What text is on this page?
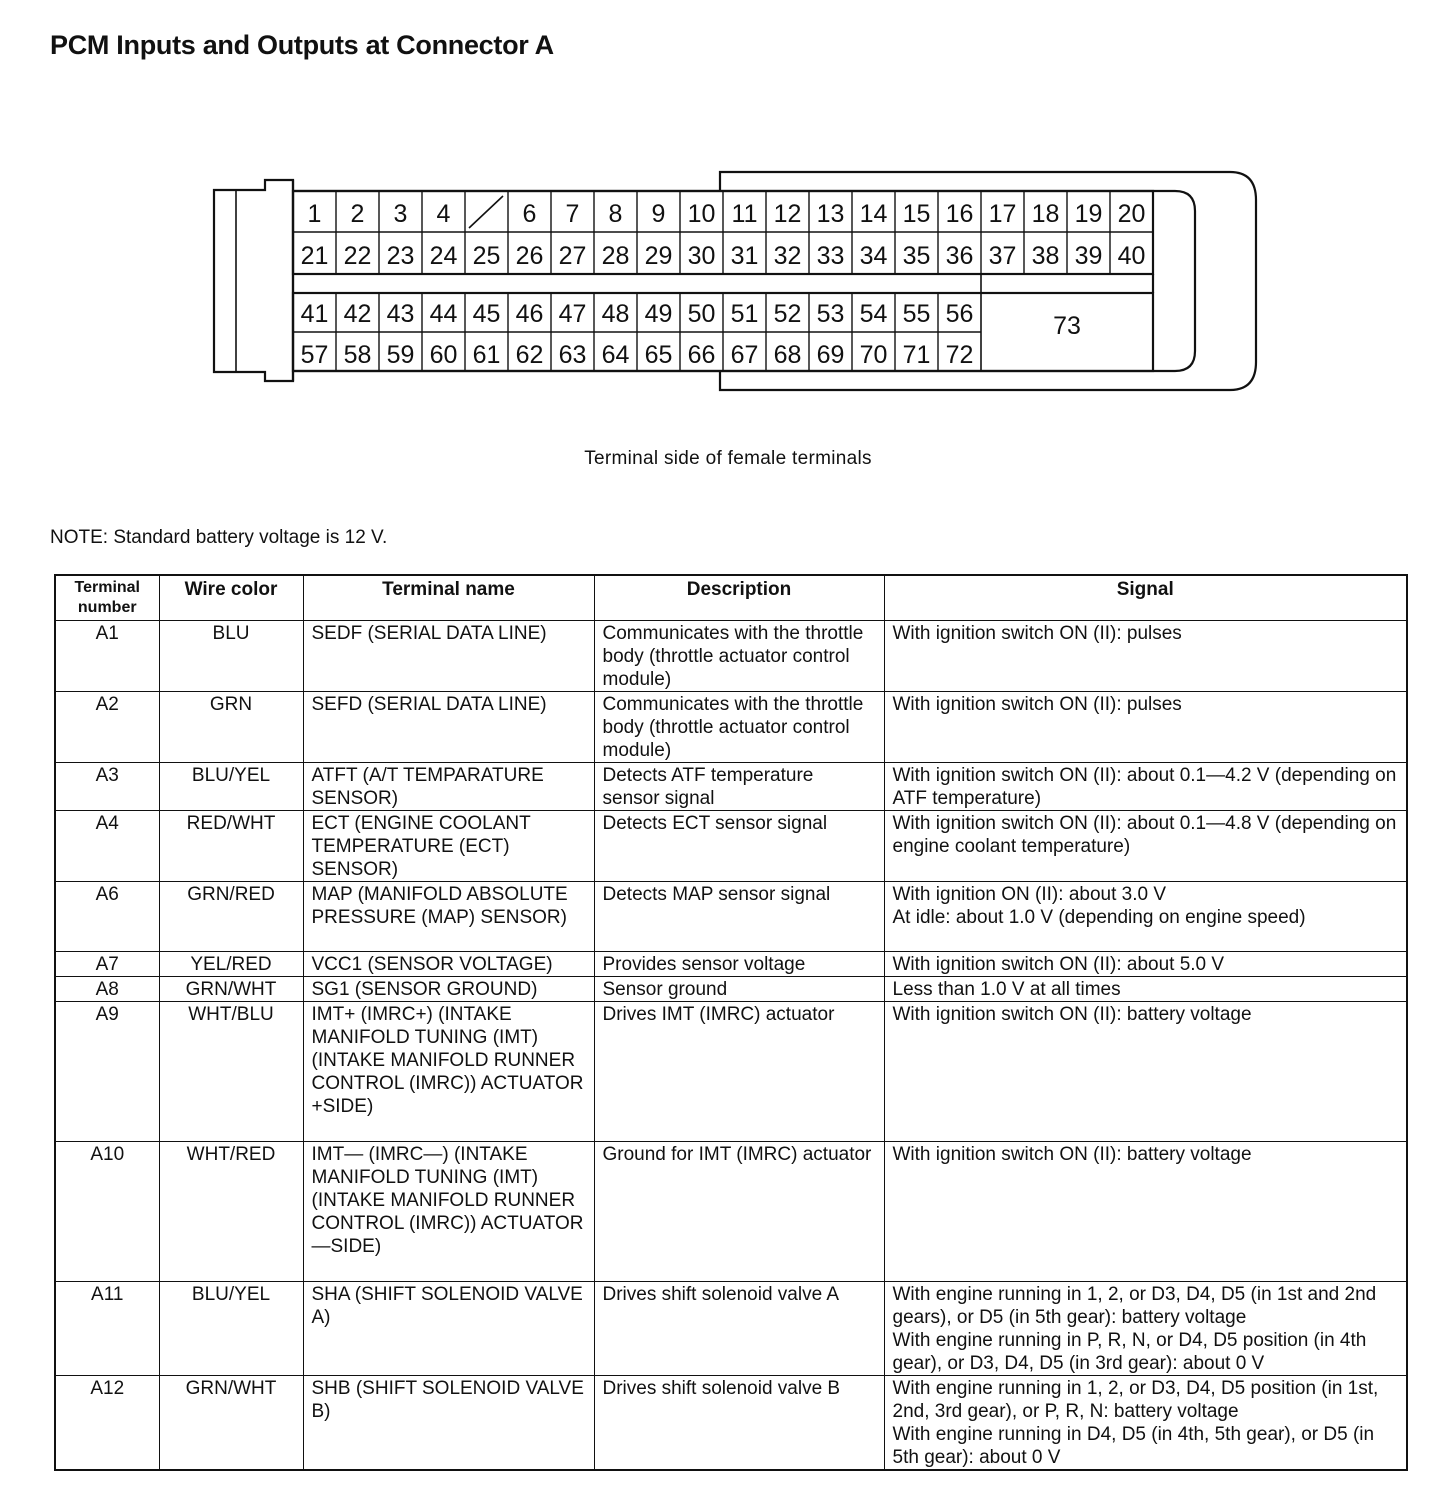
PCM Inputs and Outputs at Connector A
1 2 3 4	6 7 8 9 10 11 12 13 14 15 16 17 18 19 20
21 22 23 24 25 26 27 28 29 30 31 32 33 34 35 36 37 38 39 40
41 42 43 44 45 46 47 48 49 50 51 52 53 54 55 56
57 58 59 60 61 62 63 64 65 66 67 68 69 70 71 72
73
Terminal side of female terminals
NOTE: Standard battery voltage is 12 V.
Terminal number	Wire color	Terminal name	Description	Signal
A1	BLU	SEDF (SERIAL DATA LINE)	Communicates with the throttle body (throttle actuator control module)	With ignition switch ON (II): pulses
A2	GRN	SEFD (SERIAL DATA LINE)	Communicates with the throttle body (throttle actuator control module)	With ignition switch ON (II): pulses
A3	BLU/YEL	ATFT (A/T TEMPARATURE SENSOR)	Detects ATF temperature sensor signal	With ignition switch ON (II): about 0.1—4.2 V (depending on ATF temperature)
A4	RED/WHT	ECT (ENGINE COOLANT TEMPERATURE (ECT) SENSOR)	Detects ECT sensor signal	With ignition switch ON (II): about 0.1—4.8 V (depending on engine coolant temperature)
A6	GRN/RED	MAP (MANIFOLD ABSOLUTE PRESSURE (MAP) SENSOR)	Detects MAP sensor signal	With ignition ON (II): about 3.0 V
At idle: about 1.0 V (depending on engine speed)
A7	YEL/RED	VCC1 (SENSOR VOLTAGE)	Provides sensor voltage	With ignition switch ON (II): about 5.0 V
A8	GRN/WHT	SG1 (SENSOR GROUND)	Sensor ground	Less than 1.0 V at all times
A9	WHT/BLU	IMT+ (IMRC+) (INTAKE MANIFOLD TUNING (IMT) (INTAKE MANIFOLD RUNNER CONTROL (IMRC)) ACTUATOR +SIDE)	Drives IMT (IMRC) actuator	With ignition switch ON (II): battery voltage
A10	WHT/RED	IMT— (IMRC—) (INTAKE MANIFOLD TUNING (IMT) (INTAKE MANIFOLD RUNNER CONTROL (IMRC)) ACTUATOR —SIDE)	Ground for IMT (IMRC) actuator	With ignition switch ON (II): battery voltage
A11	BLU/YEL	SHA (SHIFT SOLENOID VALVE A)	Drives shift solenoid valve A	With engine running in 1, 2, or D3, D4, D5 (in 1st and 2nd gears), or D5 (in 5th gear): battery voltage
With engine running in P, R, N, or D4, D5 position (in 4th gear), or D3, D4, D5 (in 3rd gear): about 0 V
A12	GRN/WHT	SHB (SHIFT SOLENOID VALVE B)	Drives shift solenoid valve B	With engine running in 1, 2, or D3, D4, D5 position (in 1st, 2nd, 3rd gear), or P, R, N: battery voltage
With engine running in D4, D5 (in 4th, 5th gear), or D5 (in 5th gear): about 0 V
